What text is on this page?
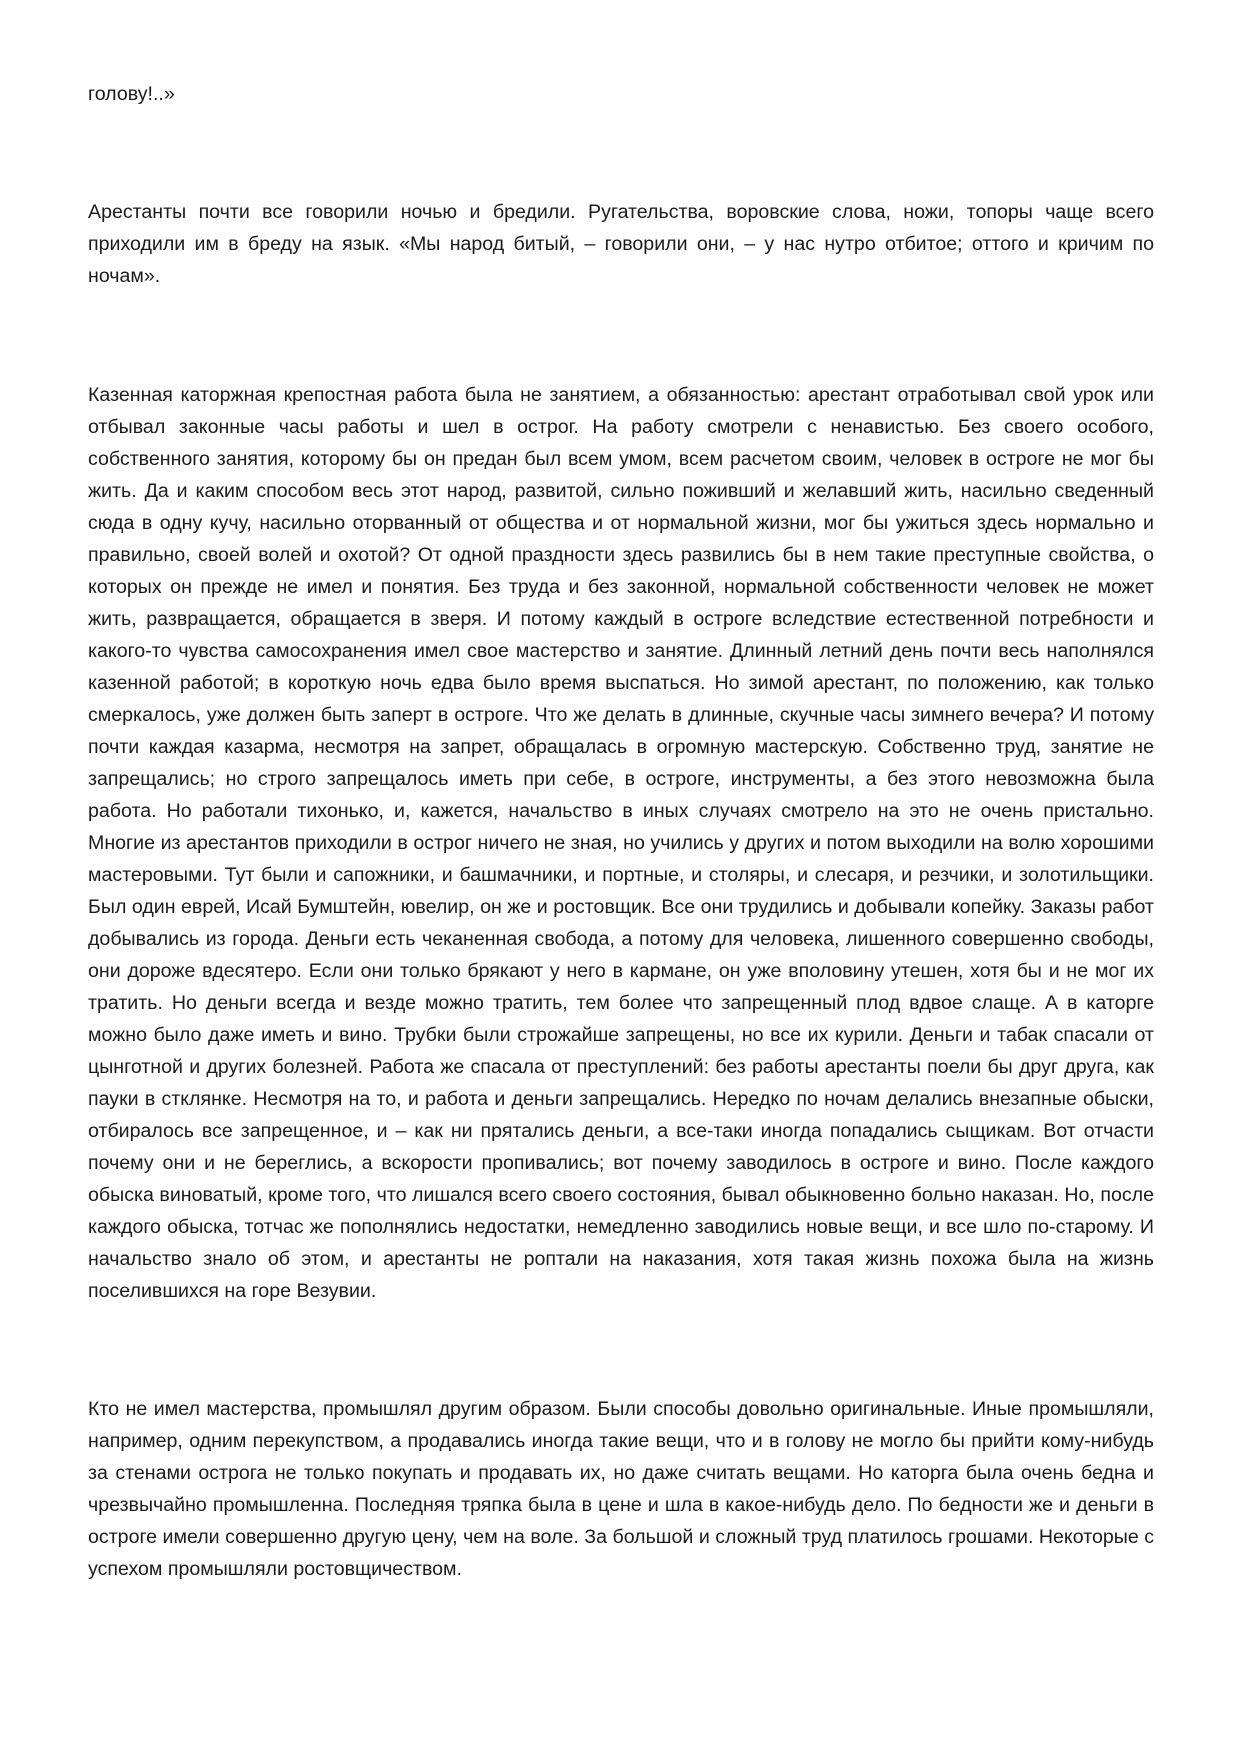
голову!..»

Арестанты почти все говорили ночью и бредили. Ругательства, воровские слова, ножи, топоры чаще всего приходили им в бреду на язык. «Мы народ битый, – говорили они, – у нас нутро отбитое; оттого и кричим по ночам».

Казенная каторжная крепостная работа была не занятием, а обязанностью: арестант отработывал свой урок или отбывал законные часы работы и шел в острог. На работу смотрели с ненавистью. Без своего особого, собственного занятия, которому бы он предан был всем умом, всем расчетом своим, человек в остроге не мог бы жить. Да и каким способом весь этот народ, развитой, сильно поживший и желавший жить, насильно сведенный сюда в одну кучу, насильно оторванный от общества и от нормальной жизни, мог бы ужиться здесь нормально и правильно, своей волей и охотой? От одной праздности здесь развились бы в нем такие преступные свойства, о которых он прежде не имел и понятия. Без труда и без законной, нормальной собственности человек не может жить, развращается, обращается в зверя. И потому каждый в остроге вследствие естественной потребности и какого-то чувства самосохранения имел свое мастерство и занятие. Длинный летний день почти весь наполнялся казенной работой; в короткую ночь едва было время выспаться. Но зимой арестант, по положению, как только смеркалось, уже должен быть заперт в остроге. Что же делать в длинные, скучные часы зимнего вечера? И потому почти каждая казарма, несмотря на запрет, обращалась в огромную мастерскую. Собственно труд, занятие не запрещались; но строго запрещалось иметь при себе, в остроге, инструменты, а без этого невозможна была работа. Но работали тихонько, и, кажется, начальство в иных случаях смотрело на это не очень пристально. Многие из арестантов приходили в острог ничего не зная, но учились у других и потом выходили на волю хорошими мастеровыми. Тут были и сапожники, и башмачники, и портные, и столяры, и слесаря, и резчики, и золотильщики. Был один еврей, Исай Бумштейн, ювелир, он же и ростовщик. Все они трудились и добывали копейку. Заказы работ добывались из города. Деньги есть чеканенная свобода, а потому для человека, лишенного совершенно свободы, они дороже вдесятеро. Если они только брякают у него в кармане, он уже вполовину утешен, хотя бы и не мог их тратить. Но деньги всегда и везде можно тратить, тем более что запрещенный плод вдвое слаще. А в каторге можно было даже иметь и вино. Трубки были строжайше запрещены, но все их курили. Деньги и табак спасали от цынготной и других болезней. Работа же спасала от преступлений: без работы арестанты поели бы друг друга, как пауки в стклянке. Несмотря на то, и работа и деньги запрещались. Нередко по ночам делались внезапные обыски, отбиралось все запрещенное, и – как ни прятались деньги, а все-таки иногда попадались сыщикам. Вот отчасти почему они и не береглись, а вскорости пропивались; вот почему заводилось в остроге и вино. После каждого обыска виноватый, кроме того, что лишался всего своего состояния, бывал обыкновенно больно наказан. Но, после каждого обыска, тотчас же пополнялись недостатки, немедленно заводились новые вещи, и все шло по-старому. И начальство знало об этом, и арестанты не роптали на наказания, хотя такая жизнь похожа была на жизнь поселившихся на горе Везувии.

Кто не имел мастерства, промышлял другим образом. Были способы довольно оригинальные. Иные промышляли, например, одним перекупством, а продавались иногда такие вещи, что и в голову не могло бы прийти кому-нибудь за стенами острога не только покупать и продавать их, но даже считать вещами. Но каторга была очень бедна и чрезвычайно промышленна. Последняя тряпка была в цене и шла в какое-нибудь дело. По бедности же и деньги в остроге имели совершенно другую цену, чем на воле. За большой и сложный труд платилось грошами. Некоторые с успехом промышляли ростовщичеством.
